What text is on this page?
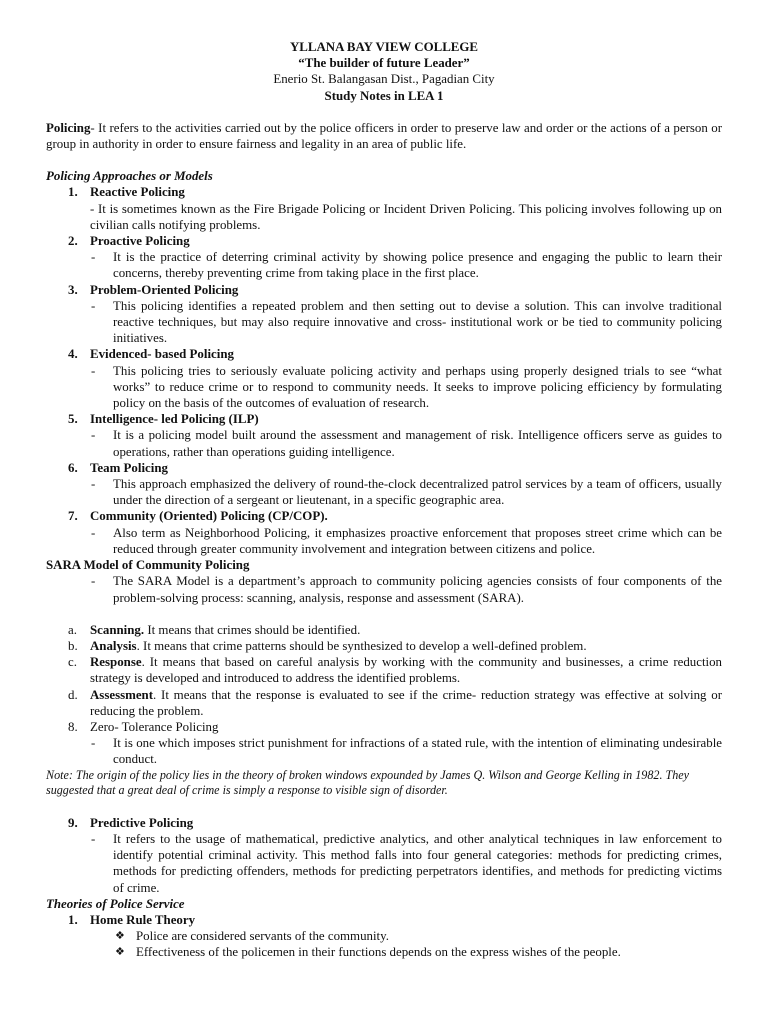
YLLANA BAY VIEW COLLEGE
“The builder of future Leader”
Enerio St. Balangasan Dist., Pagadian City
Study Notes in LEA 1
Policing- It refers to the activities carried out by the police officers in order to preserve law and order or the actions of a person or group in authority in order to ensure fairness and legality in an area of public life.
Policing Approaches or Models
1. Reactive Policing
- It is sometimes known as the Fire Brigade Policing or Incident Driven Policing. This policing involves following up on civilian calls notifying problems.
2. Proactive Policing
- It is the practice of deterring criminal activity by showing police presence and engaging the public to learn their concerns, thereby preventing crime from taking place in the first place.
3. Problem-Oriented Policing
- This policing identifies a repeated problem and then setting out to devise a solution. This can involve traditional reactive techniques, but may also require innovative and cross- institutional work or be tied to community policing initiatives.
4. Evidenced- based Policing
- This policing tries to seriously evaluate policing activity and perhaps using properly designed trials to see “what works” to reduce crime or to respond to community needs. It seeks to improve policing efficiency by formulating policy on the basis of the outcomes of evaluation of research.
5. Intelligence- led Policing (ILP)
- It is a policing model built around the assessment and management of risk. Intelligence officers serve as guides to operations, rather than operations guiding intelligence.
6. Team Policing
- This approach emphasized the delivery of round-the-clock decentralized patrol services by a team of officers, usually under the direction of a sergeant or lieutenant, in a specific geographic area.
7. Community (Oriented) Policing (CP/COP).
- Also term as Neighborhood Policing, it emphasizes proactive enforcement that proposes street crime which can be reduced through greater community involvement and integration between citizens and police.
SARA Model of Community Policing
- The SARA Model is a department’s approach to community policing agencies consists of four components of the problem-solving process: scanning, analysis, response and assessment (SARA).
a. Scanning. It means that crimes should be identified.
b. Analysis. It means that crime patterns should be synthesized to develop a well-defined problem.
c. Response. It means that based on careful analysis by working with the community and businesses, a crime reduction strategy is developed and introduced to address the identified problems.
d. Assessment. It means that the response is evaluated to see if the crime- reduction strategy was effective at solving or reducing the problem.
8. Zero- Tolerance Policing
- It is one which imposes strict punishment for infractions of a stated rule, with the intention of eliminating undesirable conduct.
Note: The origin of the policy lies in the theory of broken windows expounded by James Q. Wilson and George Kelling in 1982. They suggested that a great deal of crime is simply a response to visible sign of disorder.
9. Predictive Policing
- It refers to the usage of mathematical, predictive analytics, and other analytical techniques in law enforcement to identify potential criminal activity. This method falls into four general categories: methods for predicting crimes, methods for predicting offenders, methods for predicting perpetrators identifies, and methods for predicting victims of crime.
Theories of Police Service
1. Home Rule Theory
❖ Police are considered servants of the community.
❖ Effectiveness of the policemen in their functions depends on the express wishes of the people.
